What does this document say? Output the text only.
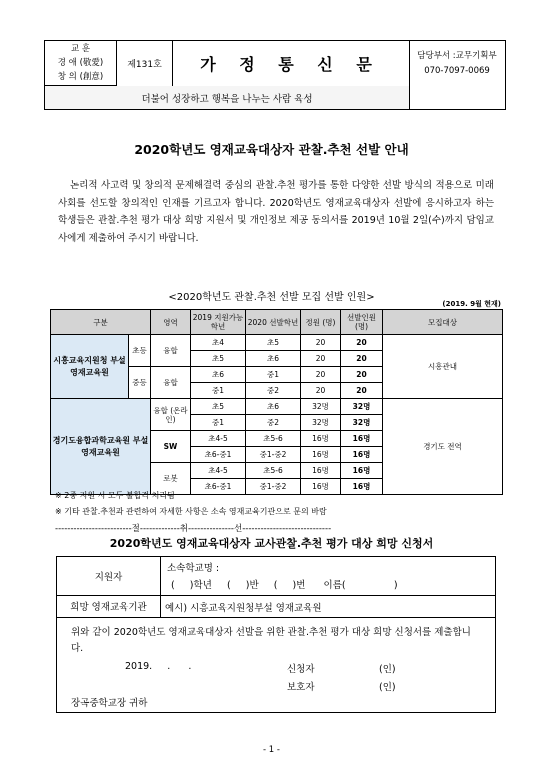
교 훈
경 애 (敬愛)
창 의 (創意)
제131호	가 정 통 신 문	담당부서 :교무기획부
070-7097-0069
더불어 성장하고 행복을 나누는 사람 육성
2020학년도 영재교육대상자 관찰.추천 선발 안내
논리적 사고력 및 창의적 문제해결력 중심의 관찰.추천 평가를 통한 다양한 선발 방식의 적용으로 미래사회를 선도할 창의적인 인재를 기르고자 합니다. 2020학년도 영재교육대상자 선발에 응시하고자 하는 학생들은 관찰.추천 평가 대상 희망 지원서 및 개인정보 제공 동의서를 2019년 10월 2일(수)까지 담임교사에게 제출하여 주시기 바랍니다.
<2020학년도 관찰.추천 선발 모집 선발 인원>
(2019. 9월 현재)
구분		영역	2019 지원가능학년	2020 선발학년	정원 (명)	선발인원 (명)	모집대상
시흥교육지원청 부설영재교육원	초등	융합	초4	초5	20	20	시흥관내
			초5	초6	20	20	
	중등	융합	초6	중1	20	20	
			중1	중2	20	20	
경기도융합과학교육원 부설 영재교육원		융합 (온라인)	초5	초6	32명	32명	경기도 전역
			중1	중2	32명	32명	
		SW	초4-5	초5-6	16명	16명	
			초6-중1	중1-중2	16명	16명	
		로봇	초4-5	초5-6	16명	16명	
			초6-중1	중1-중2	16명	16명	
※ 2중 지원 시 모두 불합격 처리됨
※ 기타 관찰.추천과 관련하여 자세한 사항은 소속 영재교육기관으로 문의 바람
-------------------------절-------------취---------------선-----------------------------
2020학년도 영재교육대상자 교사관찰.추천 평가 대상 희망 신청서
지원자
소속학교명 :
(     )학년     (     )반     (     )번      이름(                )
희망 영재교육기관	예시) 시흥교육지원청부설 영재교육원
위와 같이 2020학년도 영재교육대상자 선발을 위한 관찰.추천 평가 대상 희망 신청서를 제출합니다.
2019.     .      .	신청자	(인)
보호자	(인)
장곡중학교장 귀하
- 1 -
